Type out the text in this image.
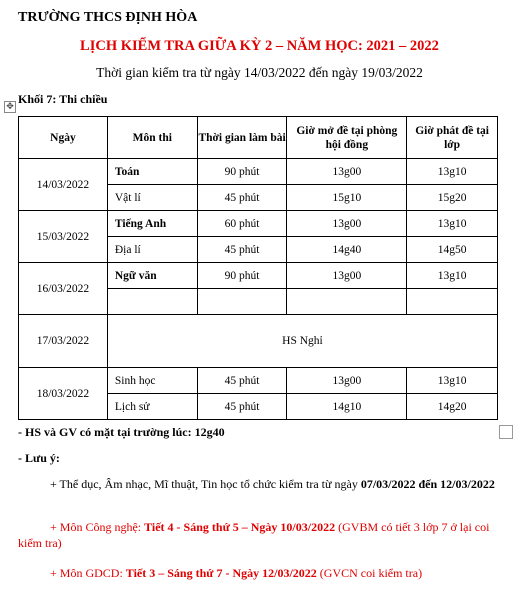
TRƯỜNG THCS ĐỊNH HÒA
LỊCH KIỂM TRA GIỮA KỲ 2 – NĂM HỌC: 2021 – 2022
Thời gian kiểm tra từ ngày 14/03/2022 đến ngày 19/03/2022
Khối 7: Thi chiều
✥
Ngày	Môn thi	Thời gian làm bài	Giờ mở đề tại phòng hội đồng	Giờ phát đề tại lớp
14/03/2022	Toán	90 phút	13g00	13g10
	Vật lí	45 phút	15g10	15g20
15/03/2022	Tiếng Anh	60 phút	13g00	13g10
	Địa lí	45 phút	14g40	14g50
16/03/2022	Ngữ văn	90 phút	13g00	13g10

17/03/2022	HS Nghỉ			
18/03/2022	Sinh học	45 phút	13g00	13g10
	Lịch sử	45 phút	14g10	14g20
- HS và GV có mặt tại trường lúc: 12g40
- Lưu ý:
+ Thể dục, Âm nhạc, Mĩ thuật, Tin học tổ chức kiểm tra từ ngày 07/03/2022 đến 12/03/2022
+ Môn Công nghệ: Tiết 4 - Sáng thứ 5 – Ngày 10/03/2022 (GVBM có tiết 3 lớp 7 ở lại coi kiểm tra)
+ Môn GDCD: Tiết 3 – Sáng thứ 7 - Ngày 12/03/2022 (GVCN coi kiểm tra)
